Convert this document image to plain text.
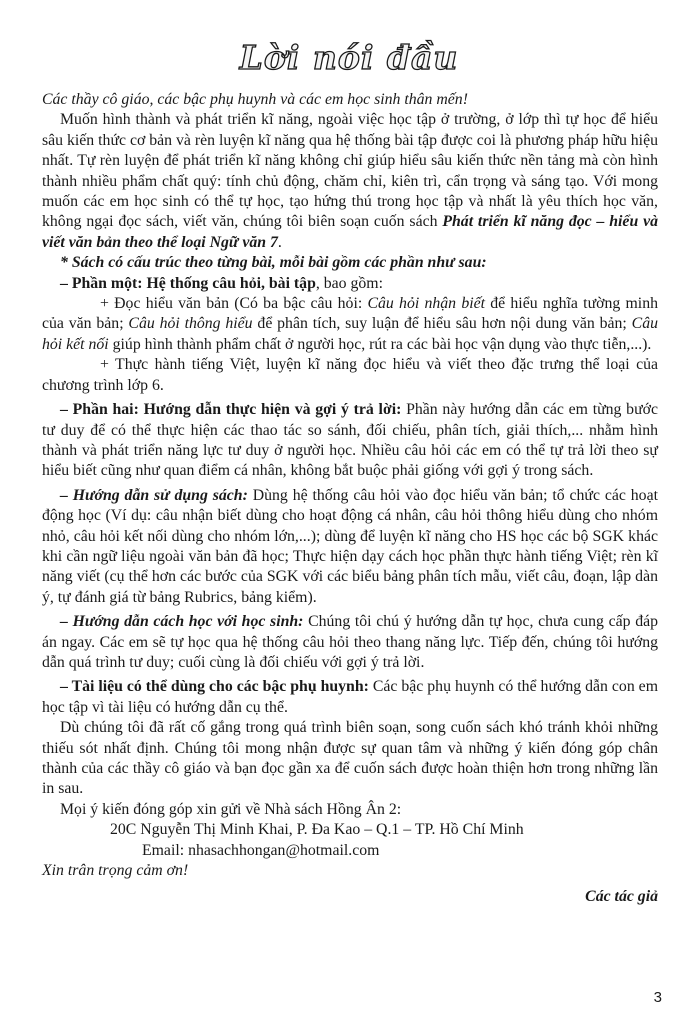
Lời nói đầu

Các thầy cô giáo, các bậc phụ huynh và các em học sinh thân mến!

Muốn hình thành và phát triển kĩ năng, ngoài việc học tập ở trường, ở lớp thì tự học để hiểu sâu kiến thức cơ bản và rèn luyện kĩ năng qua hệ thống bài tập được coi là phương pháp hữu hiệu nhất. Tự rèn luyện để phát triển kĩ năng không chỉ giúp hiểu sâu kiến thức nền tảng mà còn hình thành nhiều phẩm chất quý: tính chủ động, chăm chỉ, kiên trì, cẩn trọng và sáng tạo. Với mong muốn các em học sinh có thể tự học, tạo hứng thú trong học tập và nhất là yêu thích học văn, không ngại đọc sách, viết văn, chúng tôi biên soạn cuốn sách Phát triển kĩ năng đọc – hiểu và viết văn bản theo thể loại Ngữ văn 7.

* Sách có cấu trúc theo từng bài, mỗi bài gồm các phần như sau:

– Phần một: Hệ thống câu hỏi, bài tập, bao gồm:

+ Đọc hiểu văn bản (Có ba bậc câu hỏi: Câu hỏi nhận biết để hiểu nghĩa tường minh của văn bản; Câu hỏi thông hiểu để phân tích, suy luận để hiểu sâu hơn nội dung văn bản; Câu hỏi kết nối giúp hình thành phẩm chất ở người học, rút ra các bài học vận dụng vào thực tiễn,...).

+ Thực hành tiếng Việt, luyện kĩ năng đọc hiểu và viết theo đặc trưng thể loại của chương trình lớp 6.

– Phần hai: Hướng dẫn thực hiện và gợi ý trả lời: Phần này hướng dẫn các em từng bước tư duy để có thể thực hiện các thao tác so sánh, đối chiếu, phân tích, giải thích,... nhằm hình thành và phát triển năng lực tư duy ở người học. Nhiều câu hỏi các em có thể tự trả lời theo sự hiểu biết cũng như quan điểm cá nhân, không bắt buộc phải giống với gợi ý trong sách.

– Hướng dẫn sử dụng sách: Dùng hệ thống câu hỏi vào đọc hiểu văn bản; tổ chức các hoạt động học (Ví dụ: câu nhận biết dùng cho hoạt động cá nhân, câu hỏi thông hiểu dùng cho nhóm nhỏ, câu hỏi kết nối dùng cho nhóm lớn,...); dùng để luyện kĩ năng cho HS học các bộ SGK khác khi cần ngữ liệu ngoài văn bản đã học; Thực hiện dạy cách học phần thực hành tiếng Việt; rèn kĩ năng viết (cụ thể hơn các bước của SGK với các biểu bảng phân tích mẫu, viết câu, đoạn, lập dàn ý, tự đánh giá từ bảng Rubrics, bảng kiểm).

– Hướng dẫn cách học với học sinh: Chúng tôi chú ý hướng dẫn tự học, chưa cung cấp đáp án ngay. Các em sẽ tự học qua hệ thống câu hỏi theo thang năng lực. Tiếp đến, chúng tôi hướng dẫn quá trình tư duy; cuối cùng là đối chiếu với gợi ý trả lời.

– Tài liệu có thể dùng cho các bậc phụ huynh: Các bậc phụ huynh có thể hướng dẫn con em học tập vì tài liệu có hướng dẫn cụ thể.

Dù chúng tôi đã rất cố gắng trong quá trình biên soạn, song cuốn sách khó tránh khỏi những thiếu sót nhất định. Chúng tôi mong nhận được sự quan tâm và những ý kiến đóng góp chân thành của các thầy cô giáo và bạn đọc gần xa để cuốn sách được hoàn thiện hơn trong những lần in sau.

Mọi ý kiến đóng góp xin gửi về Nhà sách Hồng Ân 2:

20C Nguyễn Thị Minh Khai, P. Đa Kao – Q.1 – TP. Hồ Chí Minh

Email: nhasachhongan@hotmail.com

Xin trân trọng cảm ơn!

Các tác giả

3
